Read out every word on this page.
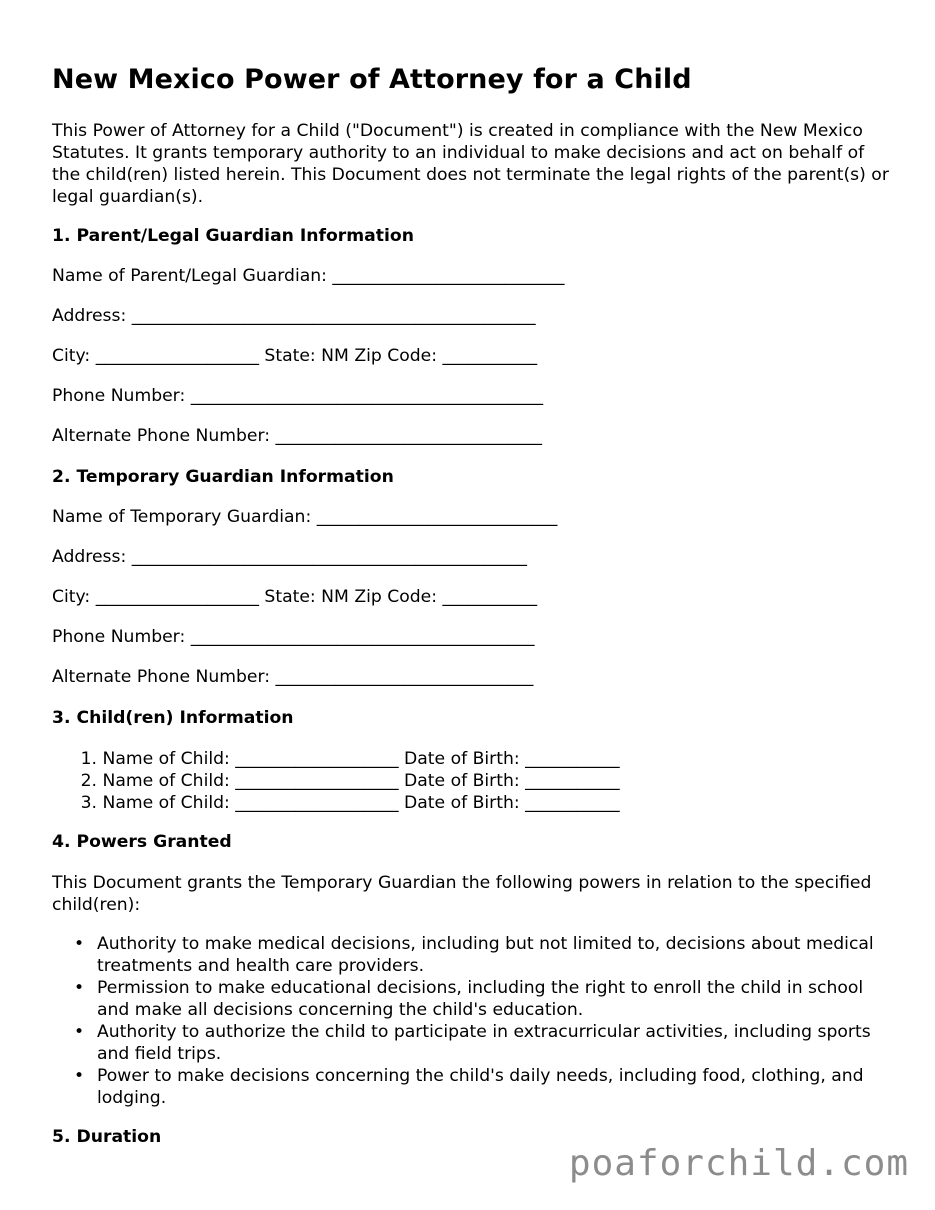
New Mexico Power of Attorney for a Child

This Power of Attorney for a Child ("Document") is created in compliance with the New Mexico Statutes. It grants temporary authority to an individual to make decisions and act on behalf of the child(ren) listed herein. This Document does not terminate the legal rights of the parent(s) or legal guardian(s).

1. Parent/Legal Guardian Information

Name of Parent/Legal Guardian: ___________________________

Address: _______________________________________________

City: ___________________ State: NM Zip Code: ___________

Phone Number: _________________________________________

Alternate Phone Number: _______________________________

2. Temporary Guardian Information

Name of Temporary Guardian: ____________________________

Address: ______________________________________________

City: ___________________ State: NM Zip Code: ___________

Phone Number: ________________________________________

Alternate Phone Number: ______________________________

3. Child(ren) Information

1. Name of Child: ___________________ Date of Birth: ___________
2. Name of Child: ___________________ Date of Birth: ___________
3. Name of Child: ___________________ Date of Birth: ___________

4. Powers Granted

This Document grants the Temporary Guardian the following powers in relation to the specified child(ren):

• Authority to make medical decisions, including but not limited to, decisions about medical treatments and health care providers.
• Permission to make educational decisions, including the right to enroll the child in school and make all decisions concerning the child's education.
• Authority to authorize the child to participate in extracurricular activities, including sports and field trips.
• Power to make decisions concerning the child's daily needs, including food, clothing, and lodging.

5. Duration

poaforchild.com
